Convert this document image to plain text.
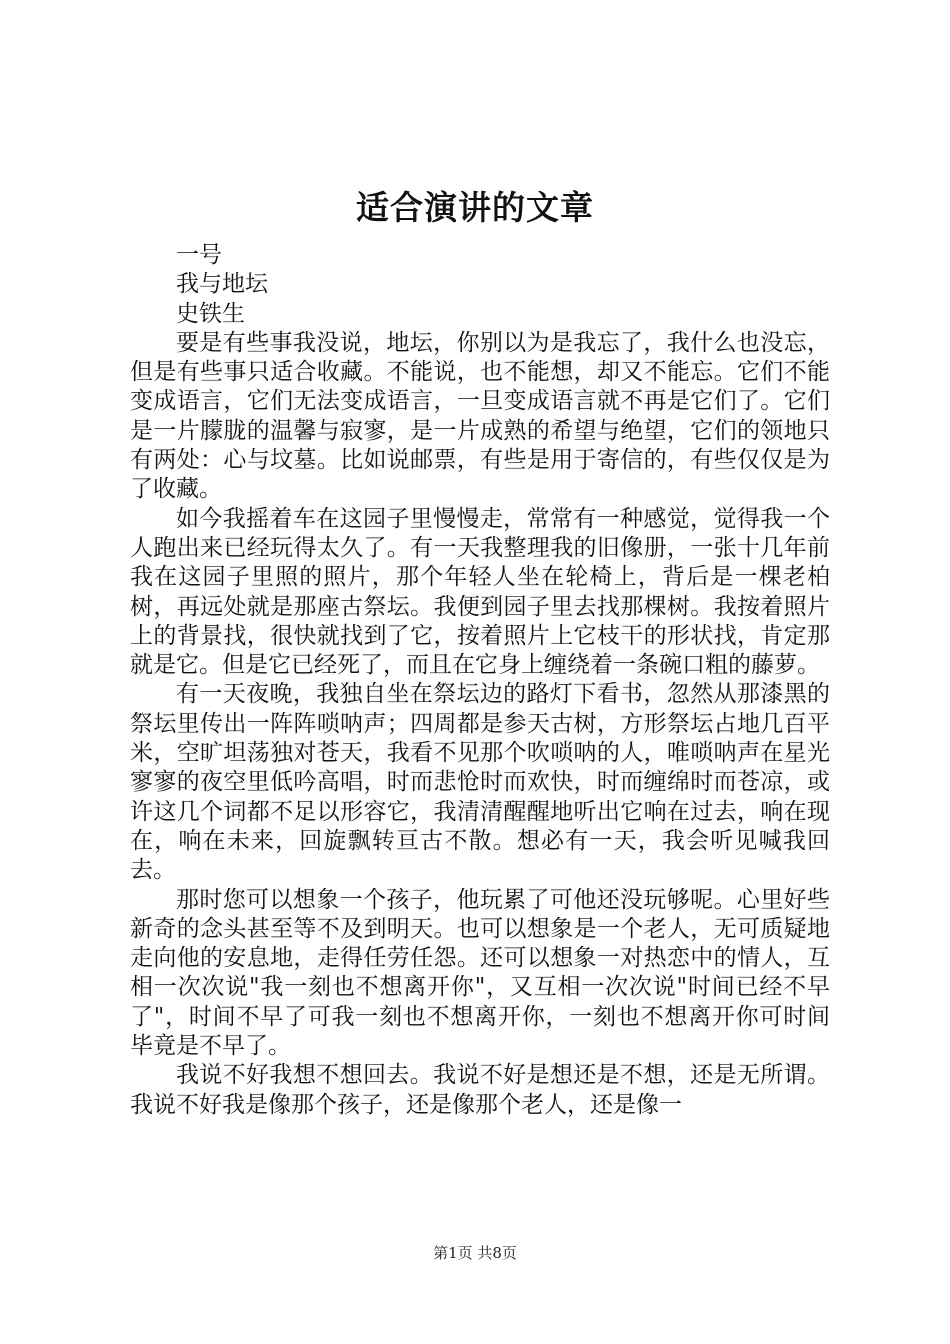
适合演讲的文章

一号

我与地坛

史铁生

要是有些事我没说，地坛，你别以为是我忘了，我什么也没忘，但是有些事只适合收藏。不能说，也不能想，却又不能忘。它们不能变成语言，它们无法变成语言，一旦变成语言就不再是它们了。它们是一片朦胧的温馨与寂寥，是一片成熟的希望与绝望，它们的领地只有两处：心与坟墓。比如说邮票，有些是用于寄信的，有些仅仅是为了收藏。

如今我摇着车在这园子里慢慢走，常常有一种感觉，觉得我一个人跑出来已经玩得太久了。有一天我整理我的旧像册，一张十几年前我在这园子里照的照片，那个年轻人坐在轮椅上，背后是一棵老柏树，再远处就是那座古祭坛。我便到园子里去找那棵树。我按着照片上的背景找，很快就找到了它，按着照片上它枝干的形状找，肯定那就是它。但是它已经死了，而且在它身上缠绕着一条碗口粗的藤萝。

有一天夜晚，我独自坐在祭坛边的路灯下看书，忽然从那漆黑的祭坛里传出一阵阵唢呐声；四周都是参天古树，方形祭坛占地几百平米，空旷坦荡独对苍天，我看不见那个吹唢呐的人，唯唢呐声在星光寥寥的夜空里低吟高唱，时而悲怆时而欢快，时而缠绵时而苍凉，或许这几个词都不足以形容它，我清清醒醒地听出它响在过去，响在现在，响在未来，回旋飘转亘古不散。想必有一天，我会听见喊我回去。

那时您可以想象一个孩子，他玩累了可他还没玩够呢。心里好些新奇的念头甚至等不及到明天。也可以想象是一个老人，无可质疑地走向他的安息地，走得任劳任怨。还可以想象一对热恋中的情人，互相一次次说"我一刻也不想离开你"，又互相一次次说"时间已经不早了"，时间不早了可我一刻也不想离开你，一刻也不想离开你可时间毕竟是不早了。

我说不好我想不想回去。我说不好是想还是不想，还是无所谓。我说不好我是像那个孩子，还是像那个老人，还是像一

第1页 共8页
